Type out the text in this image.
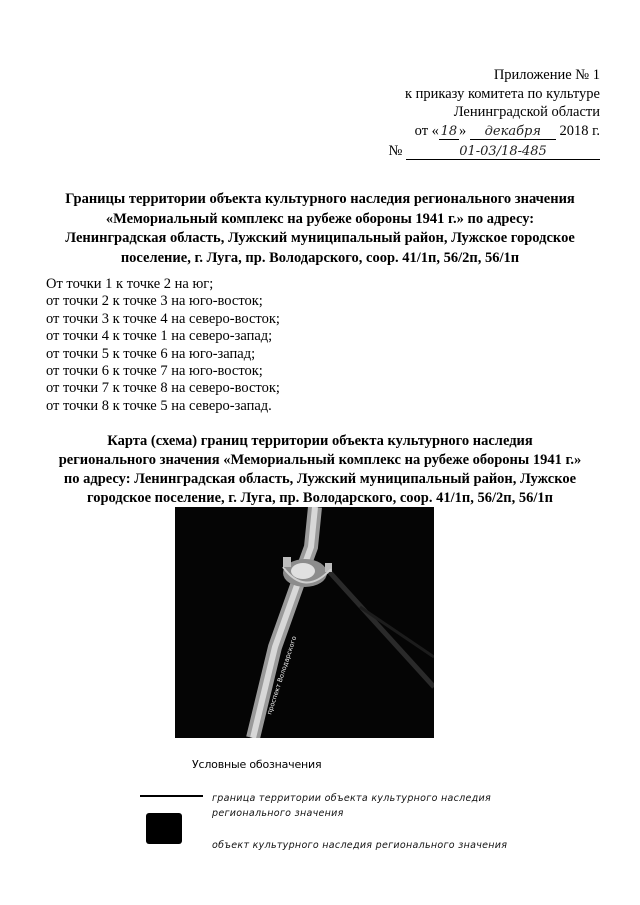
Приложение № 1
к приказу комитета по культуре
Ленинградской области
от « 18 » декабря 2018 г.
№	01-03/18-485
Границы территории объекта культурного наследия регионального значения
«Мемориальный комплекс на рубеже обороны 1941 г.» по адресу:
Ленинградская область, Лужский муниципальный район, Лужское городское
поселение, г. Луга, пр. Володарского, соор. 41/1п, 56/2п, 56/1п
От точки 1 к точке 2 на юг;
от точки 2 к точке 3 на юго-восток;
от точки 3 к точке 4 на северо-восток;
от точки 4 к точке 1 на северо-запад;
от точки 5 к точке 6 на юго-запад;
от точки 6 к точке 7 на юго-восток;
от точки 7 к точке 8 на северо-восток;
от точки 8 к точке 5 на северо-запад.
Карта (схема) границ территории объекта культурного наследия
регионального значения «Мемориальный комплекс на рубеже обороны 1941 г.»
по адресу: Ленинградская область, Лужский муниципальный район, Лужское
городское поселение, г. Луга, пр. Володарского, соор. 41/1п, 56/2п, 56/1п
проспект Володарского
Условные обозначения
граница территории объекта культурного наследия
регионального значения
объект культурного наследия регионального значения
